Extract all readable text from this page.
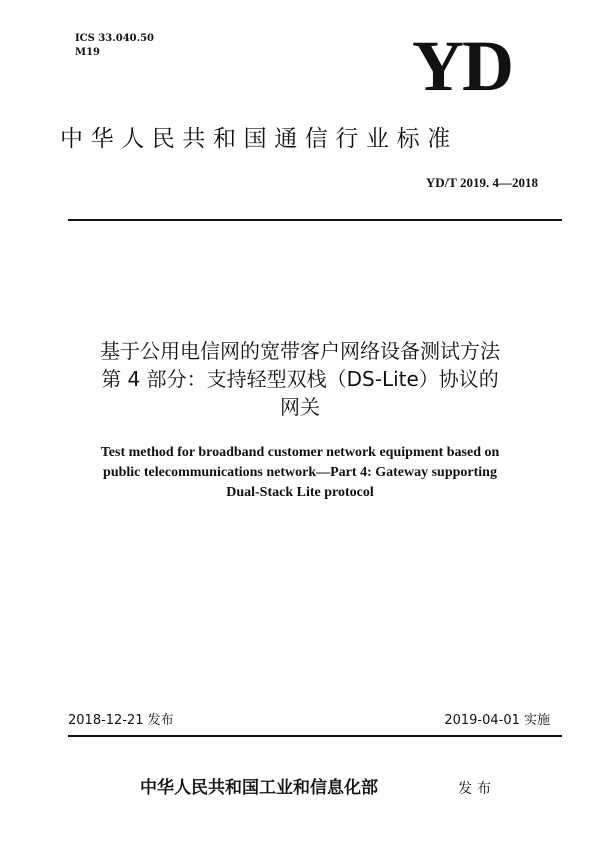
ICS 33.040.50
M19	YD
中华人民共和国通信行业标准
YD/T 2019. 4—2018
基于公用电信网的宽带客户网络设备测试方法
第 4 部分：支持轻型双栈（DS-Lite）协议的
网关
Test method for broadband customer network equipment based on
public telecommunications network—Part 4: Gateway supporting
Dual-Stack Lite protocol
2018-12-21 发布	2019-04-01 实施
中华人民共和国工业和信息化部	发布
